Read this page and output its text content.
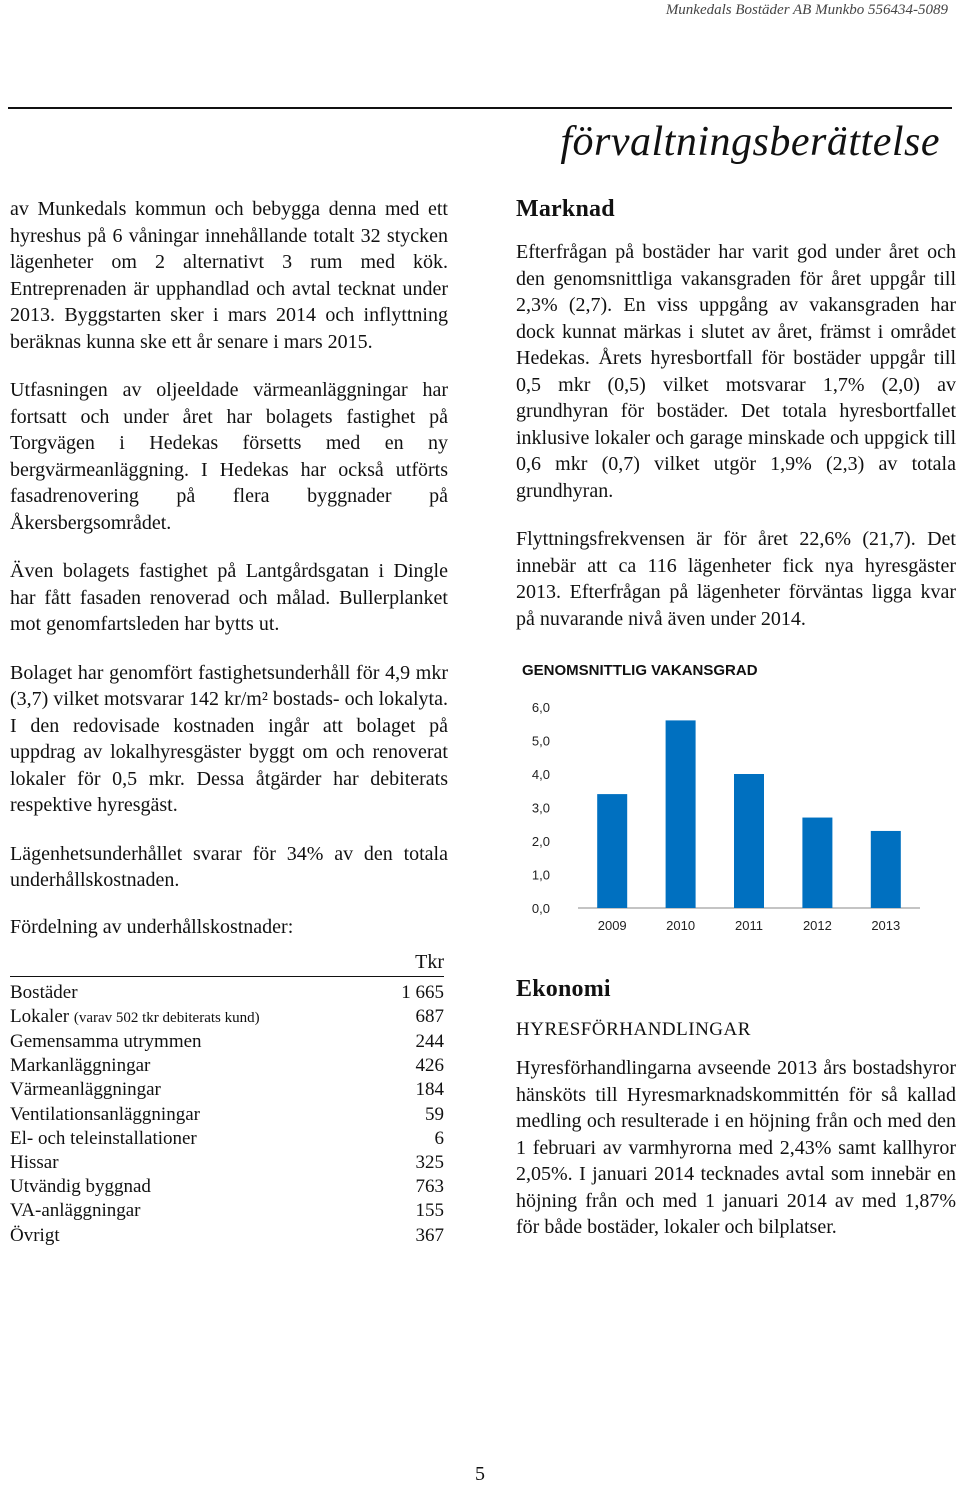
Munkedals Bostäder AB Munkbo 556434-5089
förvaltningsberättelse

av Munkedals kommun och bebygga denna med ett hyreshus på 6 våningar innehållande totalt 32 stycken lägenheter om 2 alternativt 3 rum med kök. Entreprenaden är upphandlad och avtal tecknat under 2013. Byggstarten sker i mars 2014 och inflyttning beräknas kunna ske ett år senare i mars 2015.

Utfasningen av oljeeldade värmeanläggningar har fortsatt och under året har bolagets fastighet på Torgvägen i Hedekas försetts med en ny bergvärmeanläggning. I Hedekas har också utförts fasadrenovering på flera byggnader på Åkersbergsområdet.

Även bolagets fastighet på Lantgårdsgatan i Dingle har fått fasaden renoverad och målad. Bullerplanket mot genomfartsleden har bytts ut.

Bolaget har genomfört fastighetsunderhåll för 4,9 mkr (3,7) vilket motsvarar 142 kr/m² bostads- och lokalyta. I den redovisade kostnaden ingår att bolaget på uppdrag av lokalhyresgäster byggt om och renoverat lokaler för 0,5 mkr. Dessa åtgärder har debiterats respektive hyresgäst.

Lägenhetsunderhållet svarar för 34% av den totala underhållskostnaden.

Fördelning av underhållskostnader:
Tkr
Bostäder	1 665
Lokaler (varav 502 tkr debiterats kund)	687
Gemensamma utrymmen	244
Markanläggningar	426
Värmeanläggningar	184
Ventilationsanläggningar	59
El- och teleinstallationer	6
Hissar	325
Utvändig byggnad	763
VA-anläggningar	155
Övrigt	367
Marknad

Efterfrågan på bostäder har varit god under året och den genomsnittliga vakansgraden för året uppgår till 2,3% (2,7). En viss uppgång av vakansgraden har dock kunnat märkas i slutet av året, främst i området Hedekas. Årets hyresbortfall för bostäder uppgår till 0,5 mkr (0,5) vilket motsvarar 1,7% (2,0) av grundhyran för bostäder. Det totala hyresbortfallet inklusive lokaler och garage minskade och uppgick till 0,6 mkr (0,7) vilket utgör 1,9% (2,3) av totala grundhyran.

Flyttningsfrekvensen är för året 22,6% (21,7). Det innebär att ca 116 lägenheter fick nya hyresgäster 2013. Efterfrågan på lägenheter förväntas ligga kvar på nuvarande nivå även under 2014.

GENOMSNITTLIG VAKANSGRAD
0,0
1,0
2,0
3,0
4,0
5,0
6,0
2009	2010	2011	2012	2013
Ekonomi
HYRESFÖRHANDLINGAR

Hyresförhandlingarna avseende 2013 års bostadshyror hänsköts till Hyresmarknadskommittén för så kallad medling och resulterade i en höjning från och med den 1 februari av varmhyrorna med 2,43% samt kallhyror 2,05%. I januari 2014 tecknades avtal som innebär en höjning från och med 1 januari 2014 av med 1,87% för både bostäder, lokaler och bilplatser.

5
